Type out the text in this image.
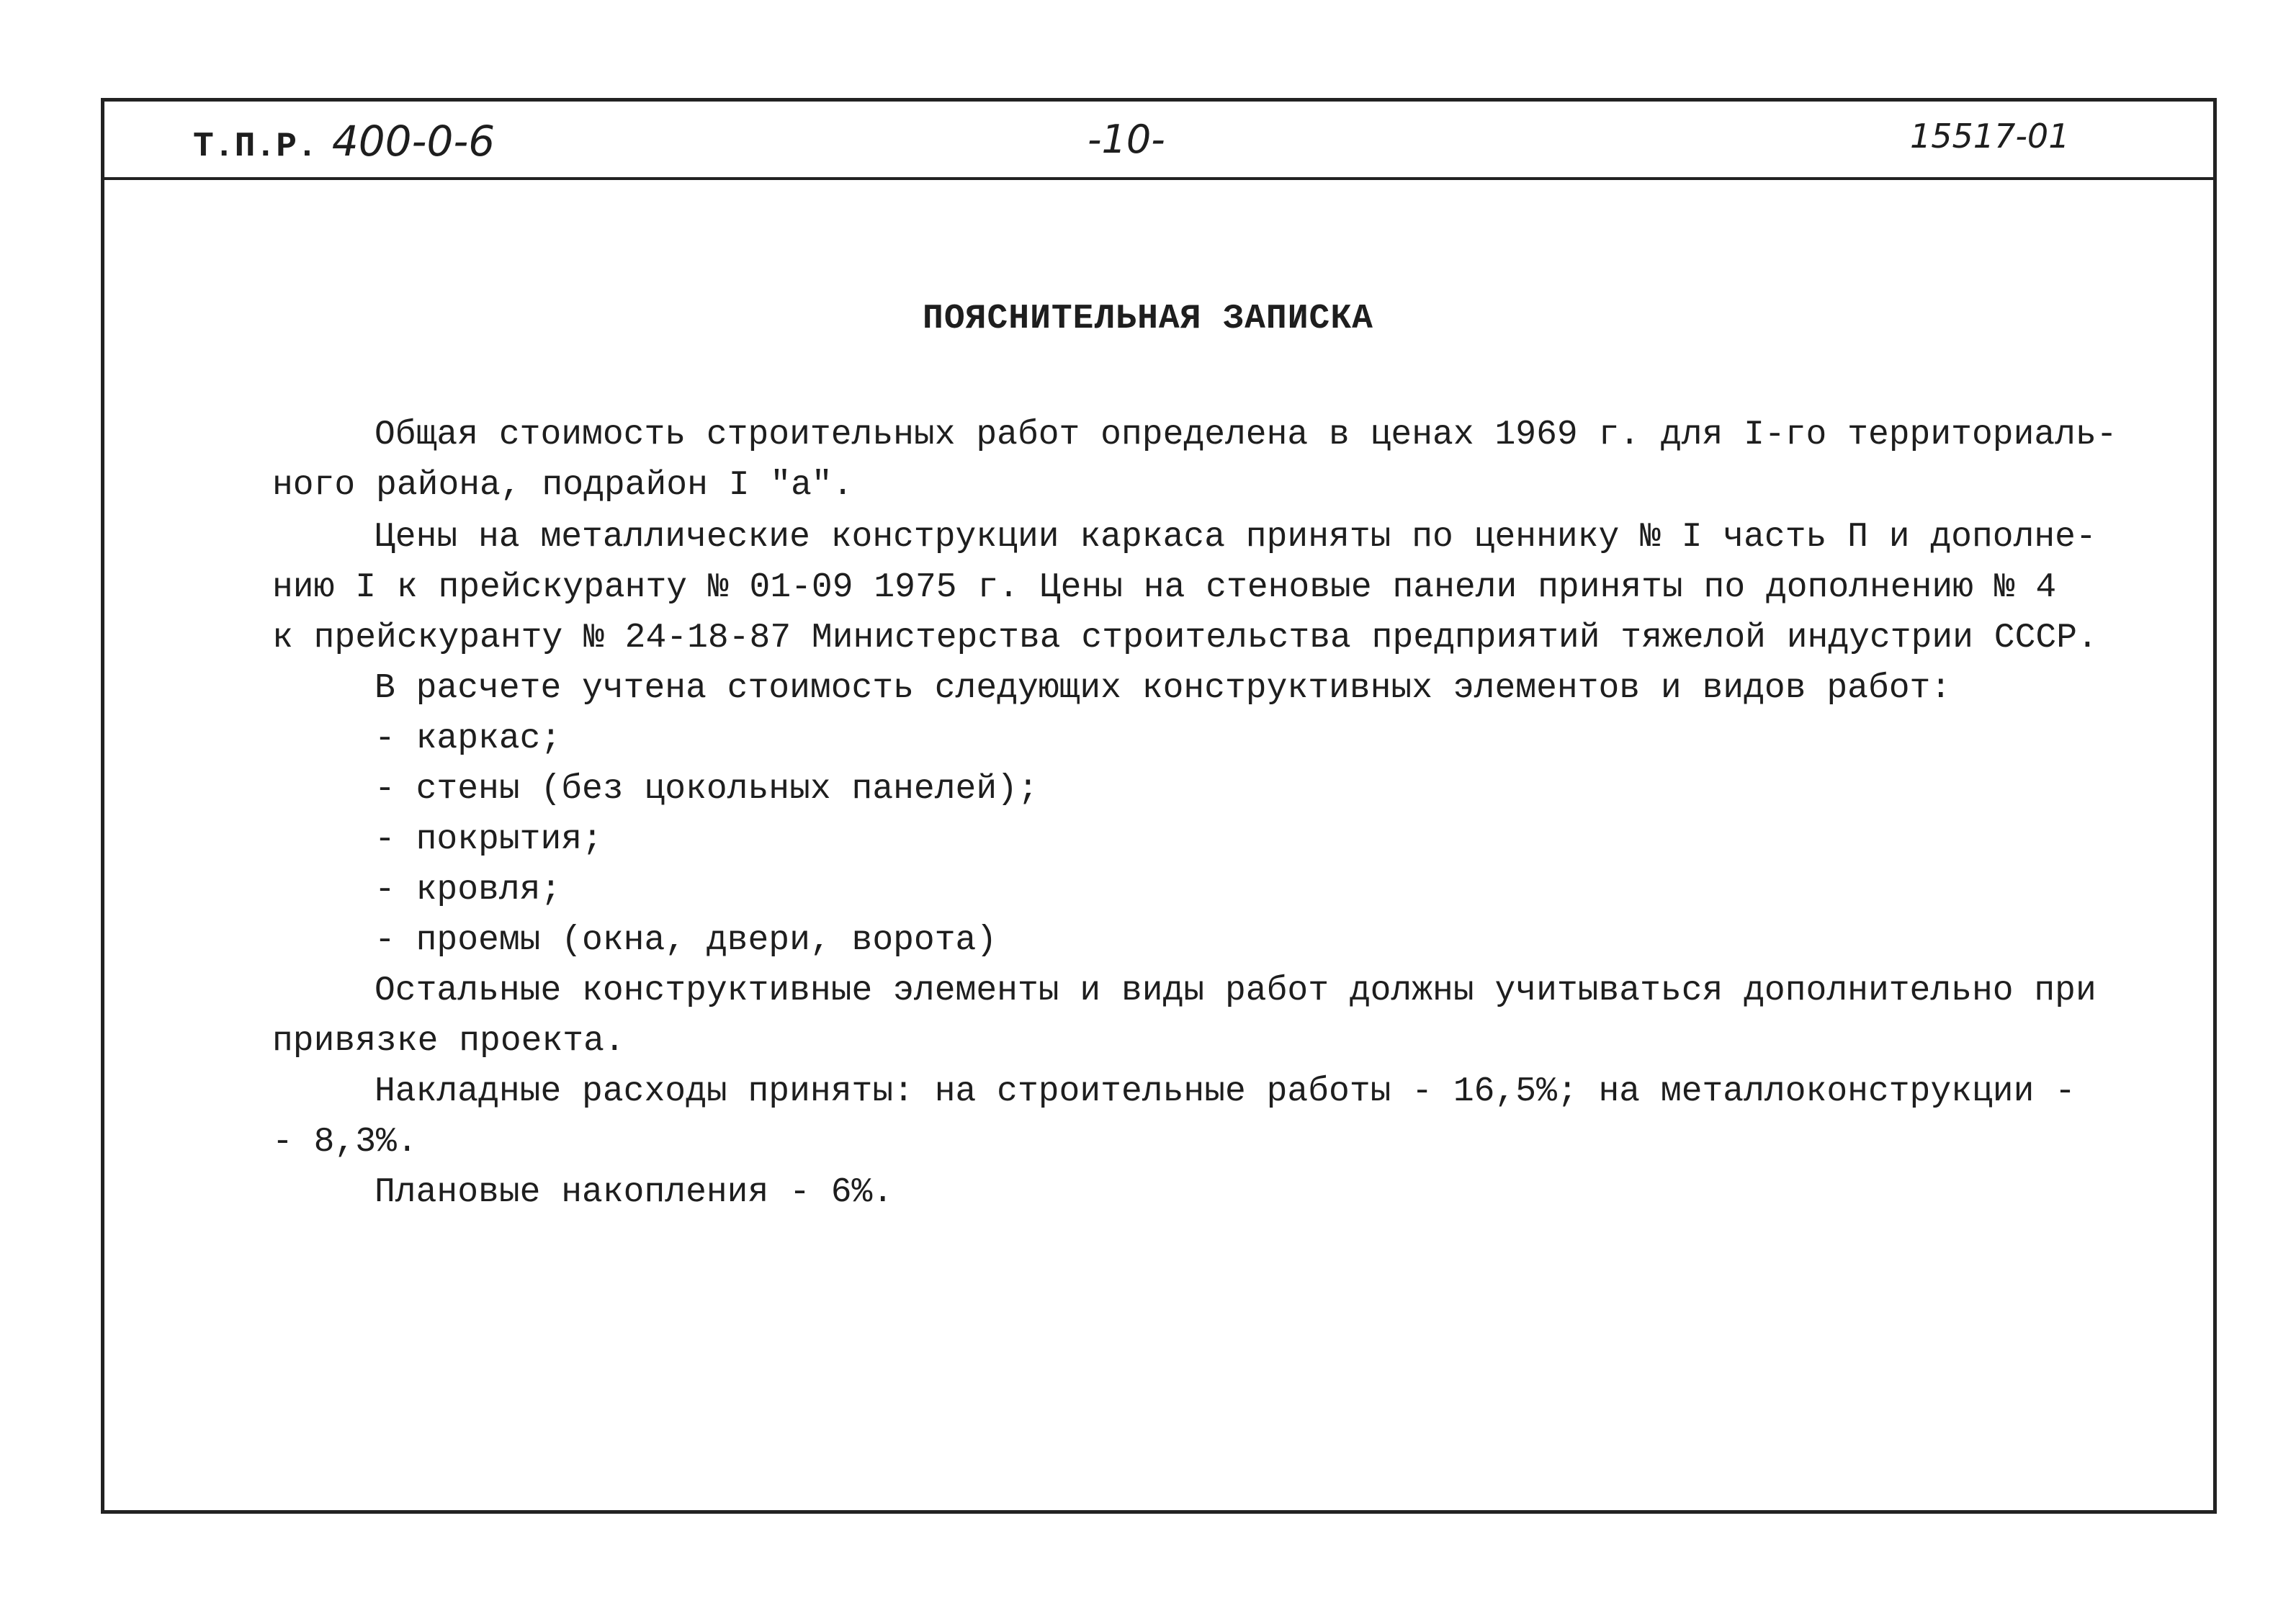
Т.П.Р. 400-0-6	-10-	15517-01
ПОЯСНИТЕЛЬНАЯ ЗАПИСКА
Общая стоимость строительных работ определена в ценах 1969 г. для I-го территориаль-
ного района, подрайон I "а".
Цены на металлические конструкции каркаса приняты по ценнику № I часть П и дополне-
нию I к прейскуранту № 01-09 1975 г. Цены на стеновые панели приняты по дополнению № 4
к прейскуранту № 24-18-87 Министерства строительства предприятий тяжелой индустрии СССР.
В расчете учтена стоимость следующих конструктивных элементов и видов работ:
- каркас;
- стены (без цокольных панелей);
- покрытия;
- кровля;
- проемы (окна, двери, ворота)
Остальные конструктивные элементы и виды работ должны учитываться дополнительно при
привязке проекта.
Накладные расходы приняты: на строительные работы - 16,5%; на металлоконструкции -
- 8,3%.
Плановые накопления - 6%.
